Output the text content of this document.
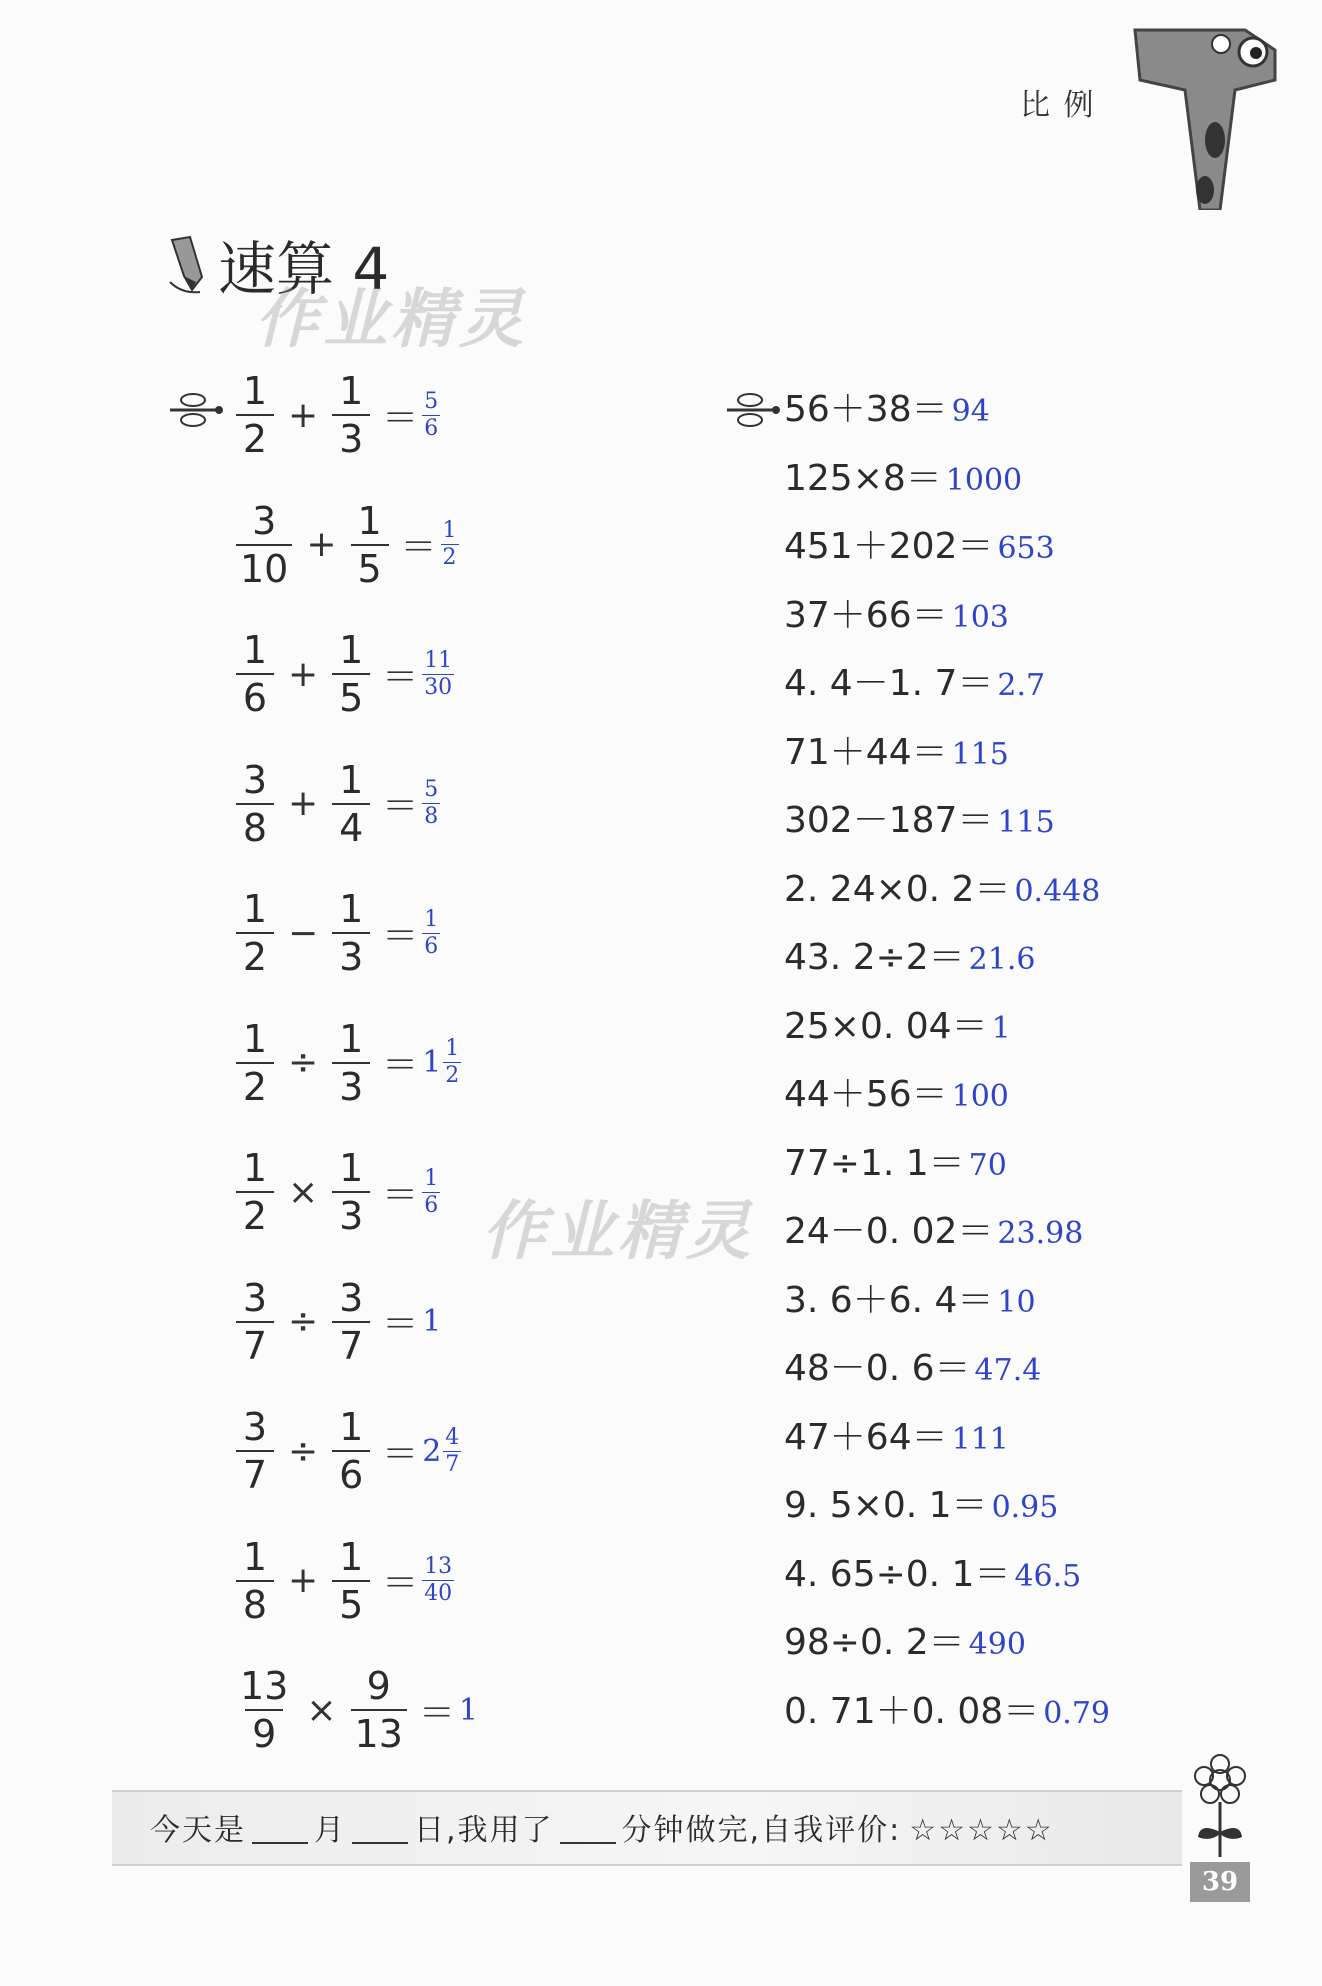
比 例
速算 4
作业精灵
作业精灵
$\frac{1}{2} + \frac{1}{3} = \frac{5}{6}$
$\frac{3}{10} + \frac{1}{5} = \frac{1}{2}$
$\frac{1}{6} + \frac{1}{5} = \frac{11}{30}$
$\frac{3}{8} + \frac{1}{4} = \frac{5}{8}$
$\frac{1}{2} - \frac{1}{3} = \frac{1}{6}$
$\frac{1}{2} \div \frac{1}{3} = 1 \frac{1}{2}$
$\frac{1}{2} \times \frac{1}{3} = \frac{1}{6}$
$\frac{3}{7} \div \frac{3}{7} = 1$
$\frac{3}{7} \div \frac{1}{6} = 2 \frac{4}{7}$
$\frac{1}{8} + \frac{1}{5} = \frac{13}{40}$
$\frac{13}{9} \times \frac{9}{13} = 1$
56＋38＝ 94
125×8＝ 1000
451＋202＝ 653
37＋66＝ 103
4. 4－1. 7＝ 2.7
71＋44＝ 115
302－187＝ 115
2. 24×0. 2＝ 0.448
43. 2÷2＝ 21.6
25×0. 04＝ 1
44＋56＝ 100
77÷1. 1＝ 70
24－0. 02＝ 23.98
3. 6＋6. 4＝ 10
48－0. 6＝ 47.4
47＋64＝ 111
9. 5×0. 1＝ 0.95
4. 65÷0. 1＝ 46.5
98÷0. 2＝ 490
0. 71＋0. 08＝ 0.79
今天是 月 日,我用了 分钟做完,自我评价: ☆☆☆☆☆
39
